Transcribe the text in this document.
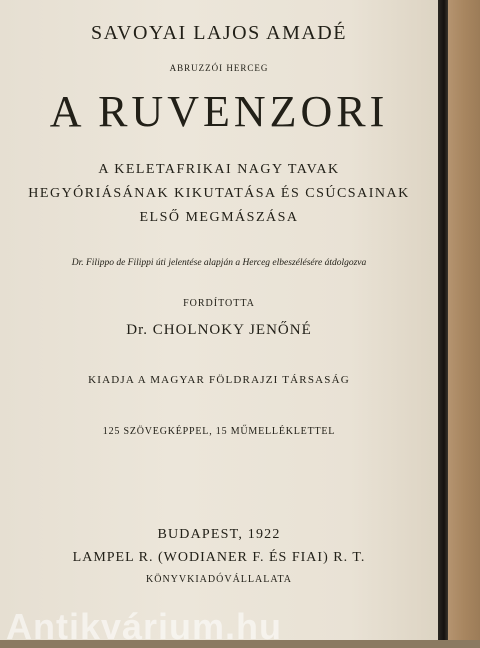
SAVOYAI LAJOS AMADÉ
ABRUZZÓI HERCEG
A RUVENZORI
A KELETAFRIKAI NAGY TAVAK
HEGYÓRIÁSÁNAK KIKUTATÁSA ÉS CSÚCSAINAK
ELSŐ MEGMÁSZÁSA
Dr. Filippo de Filippi úti jelentése alapján a Herceg elbeszélésére átdolgozva
FORDÍTOTTA
Dr. CHOLNOKY JENŐNÉ
KIADJA A MAGYAR FÖLDRAJZI TÁRSASÁG
125 SZÖVEGKÉPPEL, 15 MŰMELLÉKLETTEL
BUDAPEST, 1922
LAMPEL R. (WODIANER F. ÉS FIAI) R. T.
KÖNYVKIADÓVÁLLALATA
Antikvárium.hu
